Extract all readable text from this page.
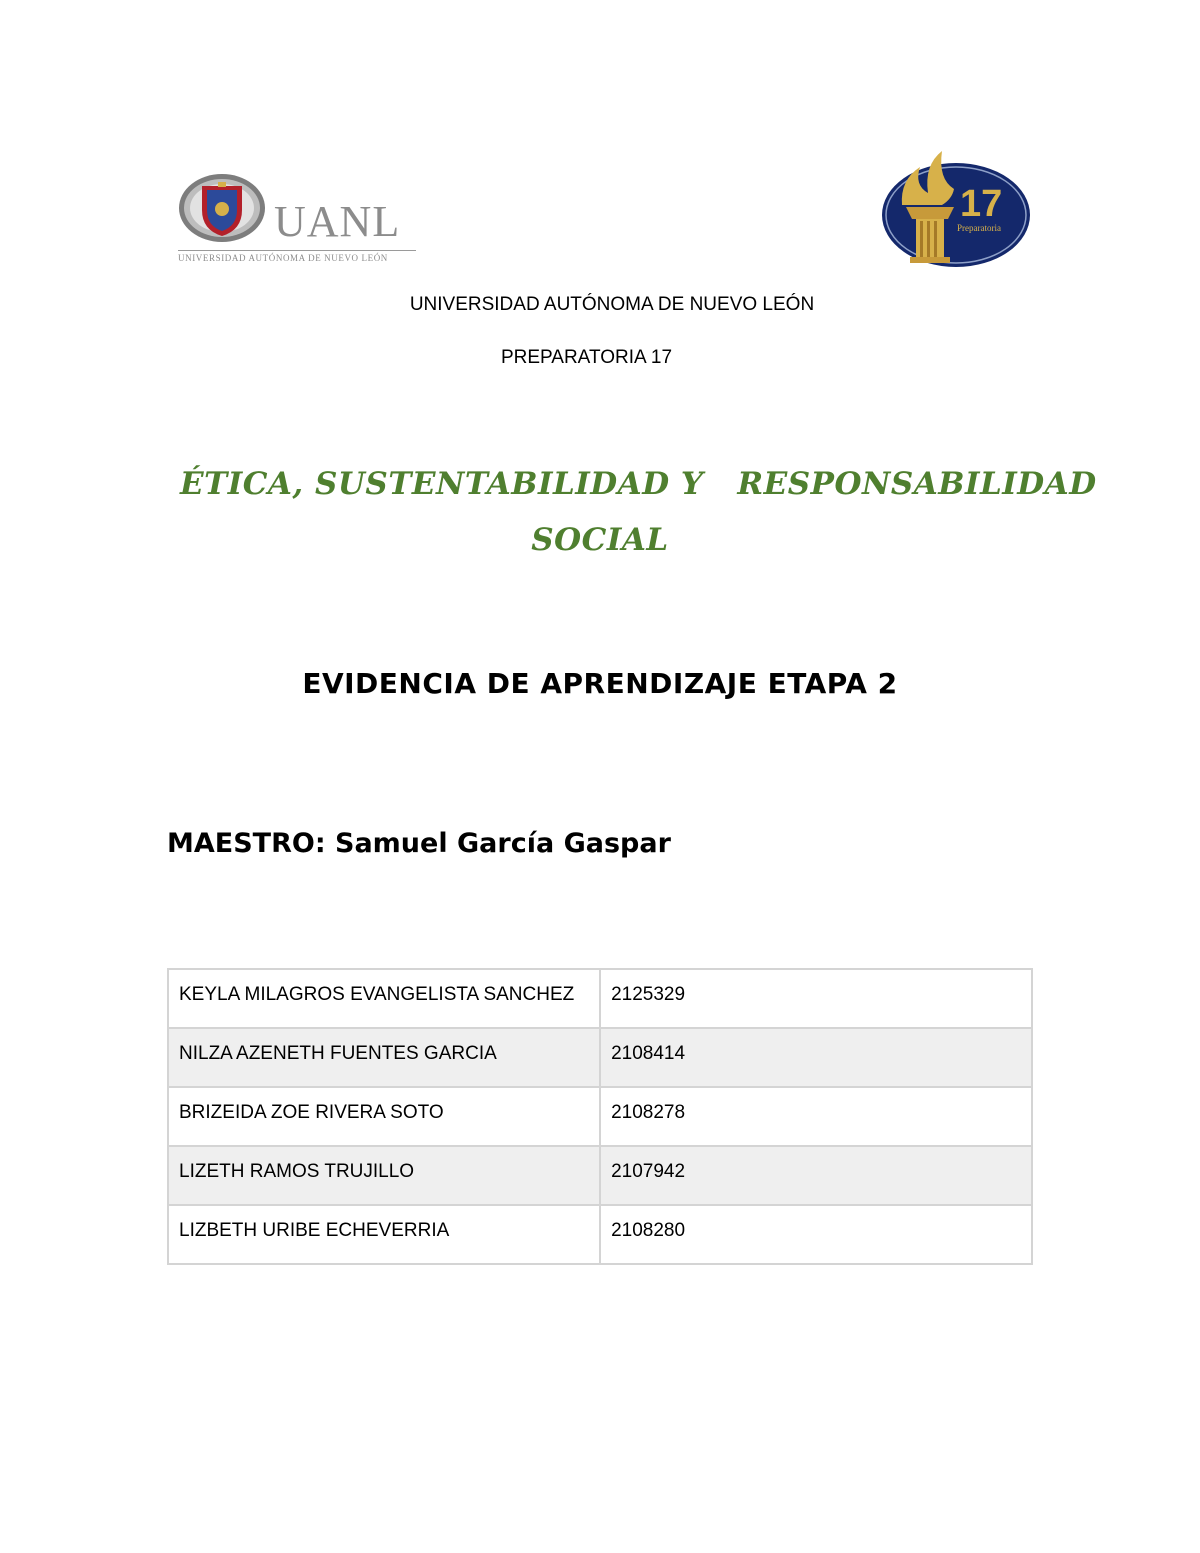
UANL
UNIVERSIDAD AUTÓNOMA DE NUEVO LEÓN
17
Preparatoria
UNIVERSIDAD AUTÓNOMA DE NUEVO LEÓN
PREPARATORIA 17
ÉTICA, SUSTENTABILIDAD Y   RESPONSABILIDAD
SOCIAL
EVIDENCIA DE APRENDIZAJE ETAPA 2
MAESTRO: Samuel García Gaspar
KEYLA MILAGROS EVANGELISTA SANCHEZ	2125329
NILZA AZENETH FUENTES GARCIA	2108414
BRIZEIDA ZOE RIVERA SOTO	2108278
LIZETH RAMOS TRUJILLO	2107942
LIZBETH URIBE ECHEVERRIA	2108280
